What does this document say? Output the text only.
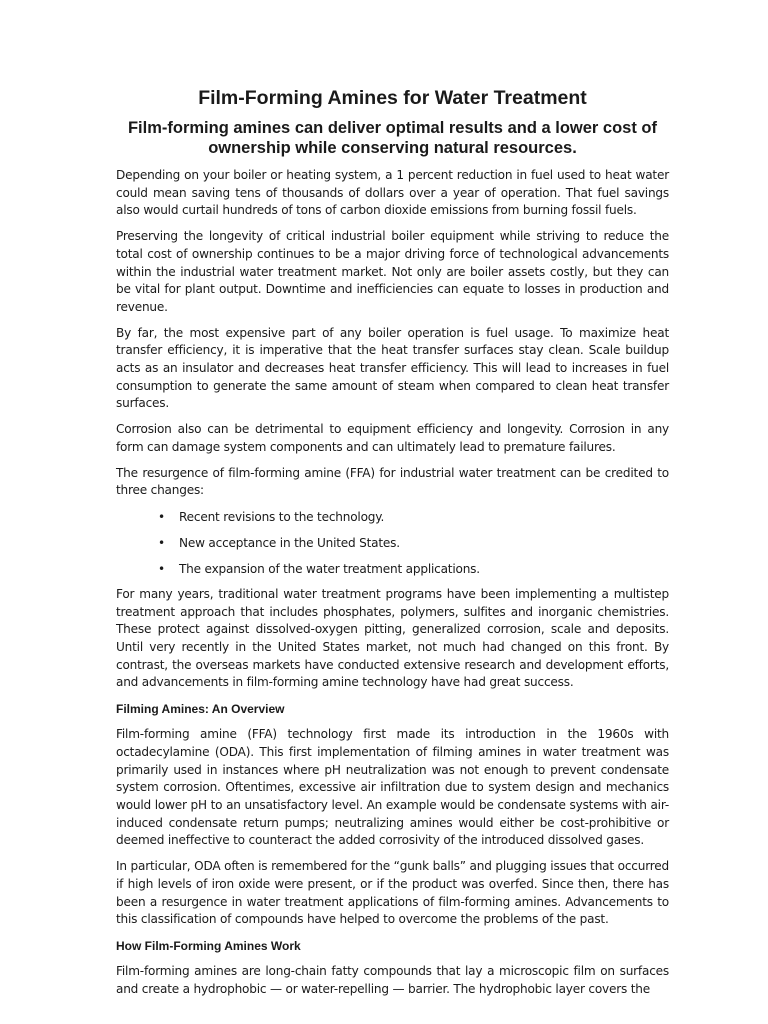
Film-Forming Amines for Water Treatment
Film-forming amines can deliver optimal results and a lower cost of ownership while conserving natural resources.

Depending on your boiler or heating system, a 1 percent reduction in fuel used to heat water could mean saving tens of thousands of dollars over a year of operation. That fuel savings also would curtail hundreds of tons of carbon dioxide emissions from burning fossil fuels.

Preserving the longevity of critical industrial boiler equipment while striving to reduce the total cost of ownership continues to be a major driving force of technological advancements within the industrial water treatment market. Not only are boiler assets costly, but they can be vital for plant output. Downtime and inefficiencies can equate to losses in production and revenue.

By far, the most expensive part of any boiler operation is fuel usage. To maximize heat transfer efficiency, it is imperative that the heat transfer surfaces stay clean. Scale buildup acts as an insulator and decreases heat transfer efficiency. This will lead to increases in fuel consumption to generate the same amount of steam when compared to clean heat transfer surfaces.

Corrosion also can be detrimental to equipment efficiency and longevity. Corrosion in any form can damage system components and can ultimately lead to premature failures.

The resurgence of film-forming amine (FFA) for industrial water treatment can be credited to three changes:

• Recent revisions to the technology.
• New acceptance in the United States.
• The expansion of the water treatment applications.

For many years, traditional water treatment programs have been implementing a multistep treatment approach that includes phosphates, polymers, sulfites and inorganic chemistries. These protect against dissolved-oxygen pitting, generalized corrosion, scale and deposits. Until very recently in the United States market, not much had changed on this front. By contrast, the overseas markets have conducted extensive research and development efforts, and advancements in film-forming amine technology have had great success.

Filming Amines: An Overview

Film-forming amine (FFA) technology first made its introduction in the 1960s with octadecylamine (ODA). This first implementation of filming amines in water treatment was primarily used in instances where pH neutralization was not enough to prevent condensate system corrosion. Oftentimes, excessive air infiltration due to system design and mechanics would lower pH to an unsatisfactory level. An example would be condensate systems with air-induced condensate return pumps; neutralizing amines would either be cost-prohibitive or deemed ineffective to counteract the added corrosivity of the introduced dissolved gases.

In particular, ODA often is remembered for the “gunk balls” and plugging issues that occurred if high levels of iron oxide were present, or if the product was overfed. Since then, there has been a resurgence in water treatment applications of film-forming amines. Advancements to this classification of compounds have helped to overcome the problems of the past.

How Film-Forming Amines Work

Film-forming amines are long-chain fatty compounds that lay a microscopic film on surfaces and create a hydrophobic — or water-repelling — barrier. The hydrophobic layer covers the
